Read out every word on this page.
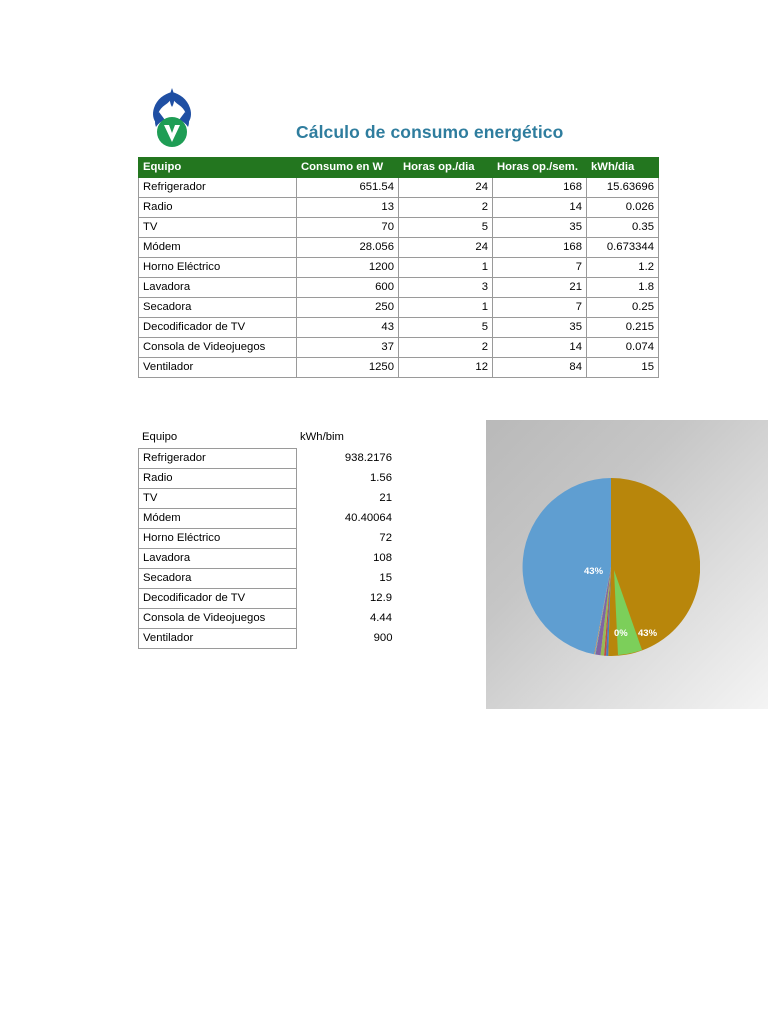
Cálculo de consumo energético
Equipo	Consumo en W	Horas op./dia	Horas op./sem.	kWh/dia
Refrigerador	651.54	24	168	15.63696
Radio	13	2	14	0.026
TV	70	5	35	0.35
Módem	28.056	24	168	0.673344
Horno Eléctrico	1200	1	7	1.2
Lavadora	600	3	21	1.8
Secadora	250	1	7	0.25
Decodificador de TV	43	5	35	0.215
Consola de Videojuegos	37	2	14	0.074
Ventilador	1250	12	84	15
Equipo	kWh/bim
Refrigerador	938.2176
Radio	1.56
TV	21
Módem	40.40064
Horno Eléctrico	72
Lavadora	108
Secadora	15
Decodificador de TV	12.9
Consola de Videojuegos	4.44
Ventilador	900
43%
0% 43%
